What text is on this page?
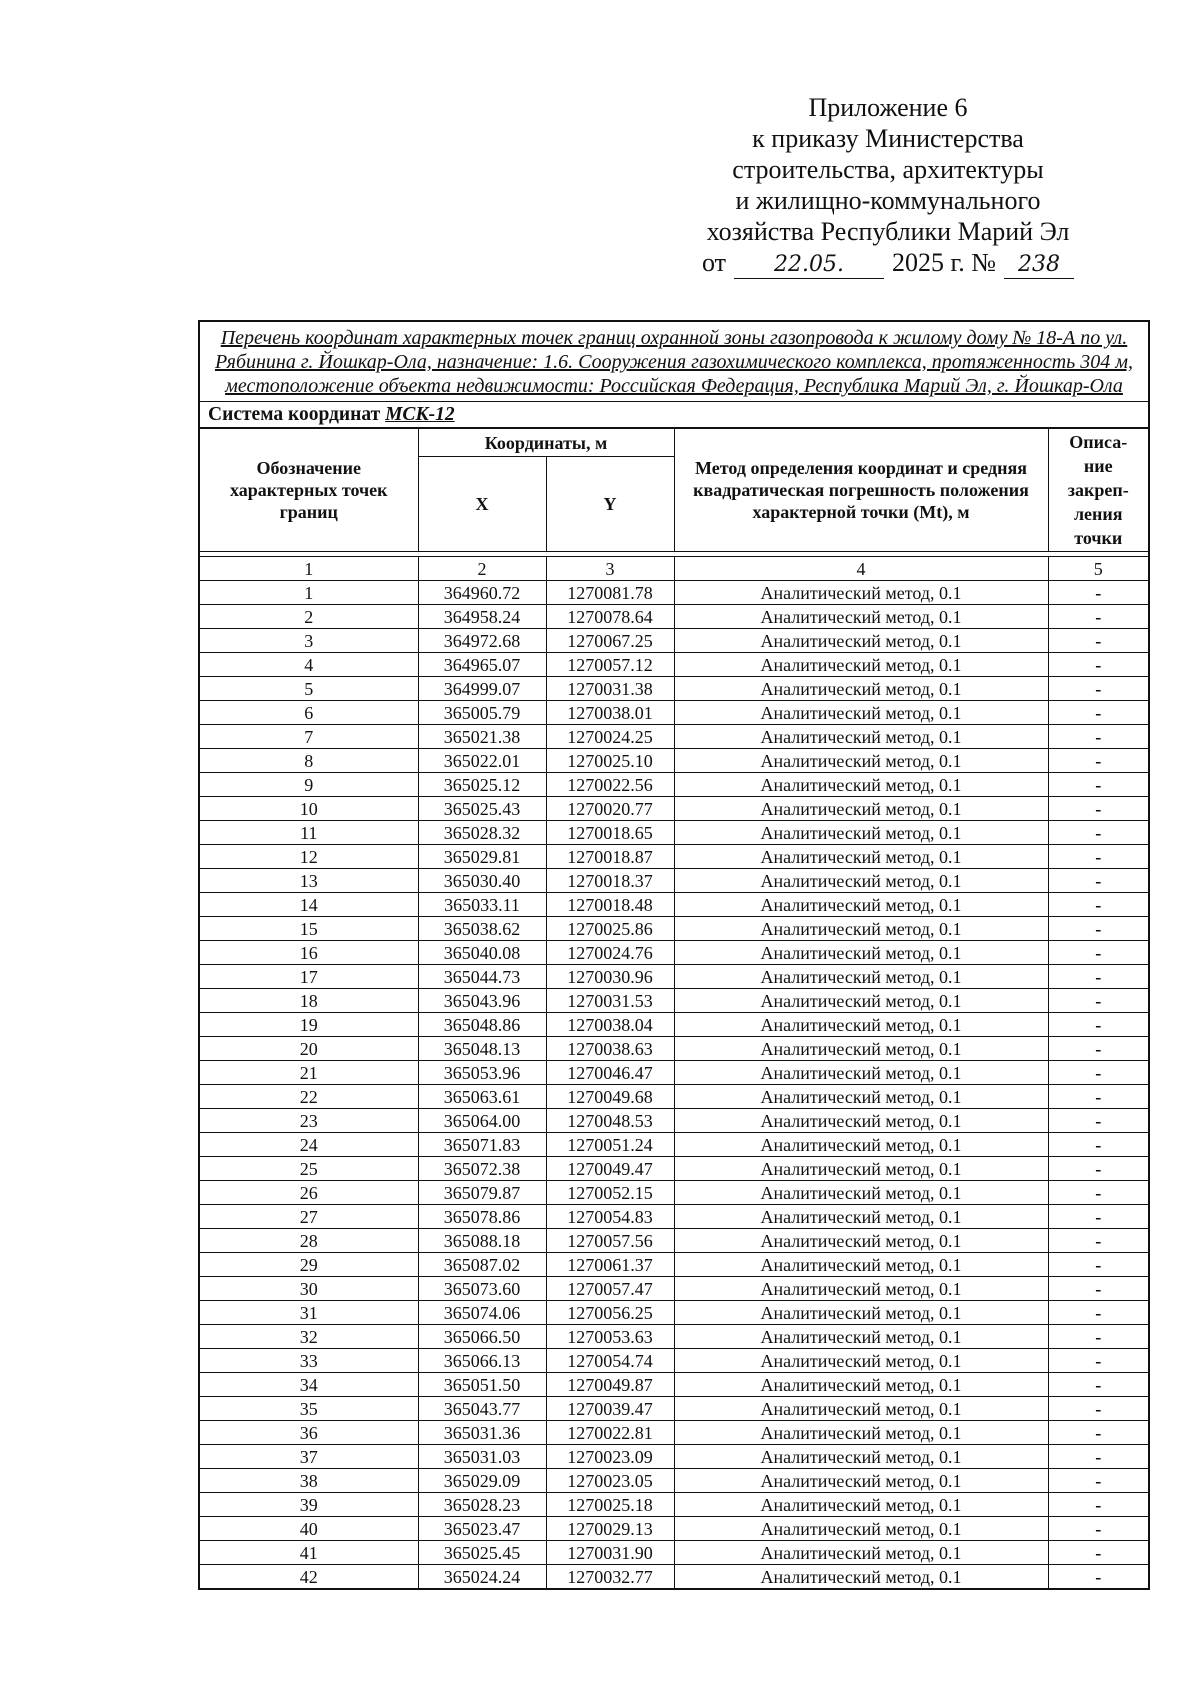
Приложение 6
к приказу Министерства
строительства, архитектуры
и жилищно-коммунального
хозяйства Республики Марий Эл
от	22.05.	2025 г. №	238
Перечень координат характерных точек границ охранной зоны газопровода к жилому дому № 18-А по ул. Рябинина г. Йошкар-Ола, назначение: 1.6. Сооружения газохимического комплекса, протяженность 304 м, местоположение объекта недвижимости: Российская Федерация, Республика Марий Эл, г. Йошкар-Ола
Система координат МСК-12
Обозначение характерных точек границ	Координаты, м		Метод определения координат и средняя квадратическая погрешность положения характерной точки (Mt), м	Описа-ние закреп-ления точки
	X	Y		

1	2	3	4	5
1	364960.72	1270081.78	Аналитический метод, 0.1	-
2	364958.24	1270078.64	Аналитический метод, 0.1	-
3	364972.68	1270067.25	Аналитический метод, 0.1	-
4	364965.07	1270057.12	Аналитический метод, 0.1	-
5	364999.07	1270031.38	Аналитический метод, 0.1	-
6	365005.79	1270038.01	Аналитический метод, 0.1	-
7	365021.38	1270024.25	Аналитический метод, 0.1	-
8	365022.01	1270025.10	Аналитический метод, 0.1	-
9	365025.12	1270022.56	Аналитический метод, 0.1	-
10	365025.43	1270020.77	Аналитический метод, 0.1	-
11	365028.32	1270018.65	Аналитический метод, 0.1	-
12	365029.81	1270018.87	Аналитический метод, 0.1	-
13	365030.40	1270018.37	Аналитический метод, 0.1	-
14	365033.11	1270018.48	Аналитический метод, 0.1	-
15	365038.62	1270025.86	Аналитический метод, 0.1	-
16	365040.08	1270024.76	Аналитический метод, 0.1	-
17	365044.73	1270030.96	Аналитический метод, 0.1	-
18	365043.96	1270031.53	Аналитический метод, 0.1	-
19	365048.86	1270038.04	Аналитический метод, 0.1	-
20	365048.13	1270038.63	Аналитический метод, 0.1	-
21	365053.96	1270046.47	Аналитический метод, 0.1	-
22	365063.61	1270049.68	Аналитический метод, 0.1	-
23	365064.00	1270048.53	Аналитический метод, 0.1	-
24	365071.83	1270051.24	Аналитический метод, 0.1	-
25	365072.38	1270049.47	Аналитический метод, 0.1	-
26	365079.87	1270052.15	Аналитический метод, 0.1	-
27	365078.86	1270054.83	Аналитический метод, 0.1	-
28	365088.18	1270057.56	Аналитический метод, 0.1	-
29	365087.02	1270061.37	Аналитический метод, 0.1	-
30	365073.60	1270057.47	Аналитический метод, 0.1	-
31	365074.06	1270056.25	Аналитический метод, 0.1	-
32	365066.50	1270053.63	Аналитический метод, 0.1	-
33	365066.13	1270054.74	Аналитический метод, 0.1	-
34	365051.50	1270049.87	Аналитический метод, 0.1	-
35	365043.77	1270039.47	Аналитический метод, 0.1	-
36	365031.36	1270022.81	Аналитический метод, 0.1	-
37	365031.03	1270023.09	Аналитический метод, 0.1	-
38	365029.09	1270023.05	Аналитический метод, 0.1	-
39	365028.23	1270025.18	Аналитический метод, 0.1	-
40	365023.47	1270029.13	Аналитический метод, 0.1	-
41	365025.45	1270031.90	Аналитический метод, 0.1	-
42	365024.24	1270032.77	Аналитический метод, 0.1	-
